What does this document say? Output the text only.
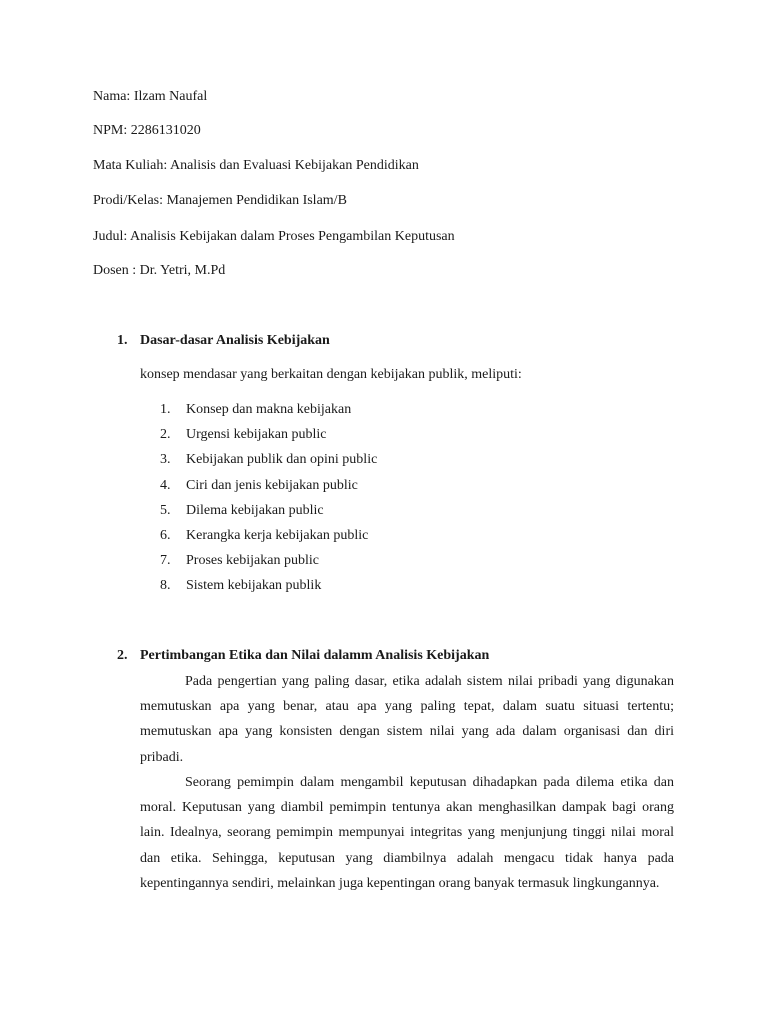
Nama: Ilzam Naufal
NPM: 2286131020
Mata Kuliah: Analisis dan Evaluasi Kebijakan Pendidikan
Prodi/Kelas: Manajemen Pendidikan Islam/B
Judul: Analisis Kebijakan dalam Proses Pengambilan Keputusan
Dosen : Dr. Yetri, M.Pd
1. Dasar-dasar Analisis Kebijakan
konsep mendasar yang berkaitan dengan kebijakan publik, meliputi:
1. Konsep dan makna kebijakan
2. Urgensi kebijakan public
3. Kebijakan publik dan opini public
4. Ciri dan jenis kebijakan public
5. Dilema kebijakan public
6. Kerangka kerja kebijakan public
7. Proses kebijakan public
8. Sistem kebijakan publik
2. Pertimbangan Etika dan Nilai dalamm Analisis Kebijakan
Pada pengertian yang paling dasar, etika adalah sistem nilai pribadi yang digunakan memutuskan apa yang benar, atau apa yang paling tepat, dalam suatu situasi tertentu; memutuskan apa yang konsisten dengan sistem nilai yang ada dalam organisasi dan diri pribadi.
Seorang pemimpin dalam mengambil keputusan dihadapkan pada dilema etika dan moral. Keputusan yang diambil pemimpin tentunya akan menghasilkan dampak bagi orang lain. Idealnya, seorang pemimpin mempunyai integritas yang menjunjung tinggi nilai moral dan etika. Sehingga, keputusan yang diambilnya adalah mengacu tidak hanya pada kepentingannya sendiri, melainkan juga kepentingan orang banyak termasuk lingkungannya.
